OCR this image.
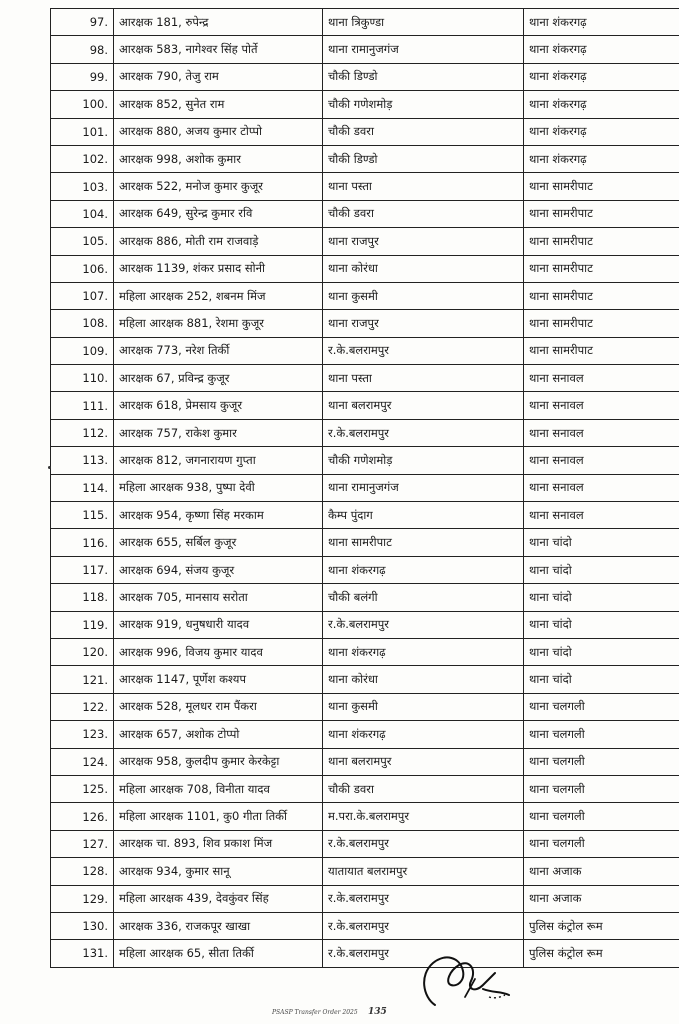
97.	आरक्षक 181, रुपेन्द्र	थाना त्रिकुण्डा	थाना शंकरगढ़
98.	आरक्षक 583, नागेश्वर सिंह पोर्ते	थाना रामानुजगंज	थाना शंकरगढ़
99.	आरक्षक 790, तेजु राम	चौकी डिण्डो	थाना शंकरगढ़
100.	आरक्षक 852, सुनेत राम	चौकी गणेशमोड़	थाना शंकरगढ़
101.	आरक्षक 880, अजय कुमार टोप्पो	चौकी डवरा	थाना शंकरगढ़
102.	आरक्षक 998, अशोक कुमार	चौकी डिण्डो	थाना शंकरगढ़
103.	आरक्षक 522, मनोज कुमार कुजूर	थाना पस्ता	थाना सामरीपाट
104.	आरक्षक 649, सुरेन्द्र कुमार रवि	चौकी डवरा	थाना सामरीपाट
105.	आरक्षक 886, मोती राम राजवाड़े	थाना राजपुर	थाना सामरीपाट
106.	आरक्षक 1139, शंकर प्रसाद सोनी	थाना कोरंधा	थाना सामरीपाट
107.	महिला आरक्षक 252, शबनम मिंज	थाना कुसमी	थाना सामरीपाट
108.	महिला आरक्षक 881, रेशमा कुजूर	थाना राजपुर	थाना सामरीपाट
109.	आरक्षक 773, नरेश तिर्की	र.के.बलरामपुर	थाना सामरीपाट
110.	आरक्षक 67, प्रविन्द्र कुजूर	थाना पस्ता	थाना सनावल
111.	आरक्षक 618, प्रेमसाय कुजूर	थाना बलरामपुर	थाना सनावल
112.	आरक्षक 757, राकेश कुमार	र.के.बलरामपुर	थाना सनावल
113.	आरक्षक 812, जगनारायण गुप्ता	चौकी गणेशमोड़	थाना सनावल
114.	महिला आरक्षक 938, पुष्पा देवी	थाना रामानुजगंज	थाना सनावल
115.	आरक्षक 954, कृष्णा सिंह मरकाम	कैम्प पुंदाग	थाना सनावल
116.	आरक्षक 655, सर्बिल कुजूर	थाना सामरीपाट	थाना चांदो
117.	आरक्षक 694, संजय कुजूर	थाना शंकरगढ़	थाना चांदो
118.	आरक्षक 705, मानसाय सरोता	चौकी बलंगी	थाना चांदो
119.	आरक्षक 919, धनुषधारी यादव	र.के.बलरामपुर	थाना चांदो
120.	आरक्षक 996, विजय कुमार यादव	थाना शंकरगढ़	थाना चांदो
121.	आरक्षक 1147, पूर्णेश कश्यप	थाना कोरंधा	थाना चांदो
122.	आरक्षक 528, मूलधर राम पैंकरा	थाना कुसमी	थाना चलगली
123.	आरक्षक 657, अशोक टोप्पो	थाना शंकरगढ़	थाना चलगली
124.	आरक्षक 958, कुलदीप कुमार केरकेट्टा	थाना बलरामपुर	थाना चलगली
125.	महिला आरक्षक 708, विनीता यादव	चौकी डवरा	थाना चलगली
126.	महिला आरक्षक 1101, कु0 गीता तिर्की	म.परा.के.बलरामपुर	थाना चलगली
127.	आरक्षक चा. 893, शिव प्रकाश मिंज	र.के.बलरामपुर	थाना चलगली
128.	आरक्षक 934, कुमार सानू	यातायात बलरामपुर	थाना अजाक
129.	महिला आरक्षक 439, देवकुंवर सिंह	र.के.बलरामपुर	थाना अजाक
130.	आरक्षक 336, राजकपूर खाखा	र.के.बलरामपुर	पुलिस कंट्रोल रूम
131.	महिला आरक्षक 65, सीता तिर्की	र.के.बलरामपुर	पुलिस कंट्रोल रूम
PSASP Transfer Order 2025 135
